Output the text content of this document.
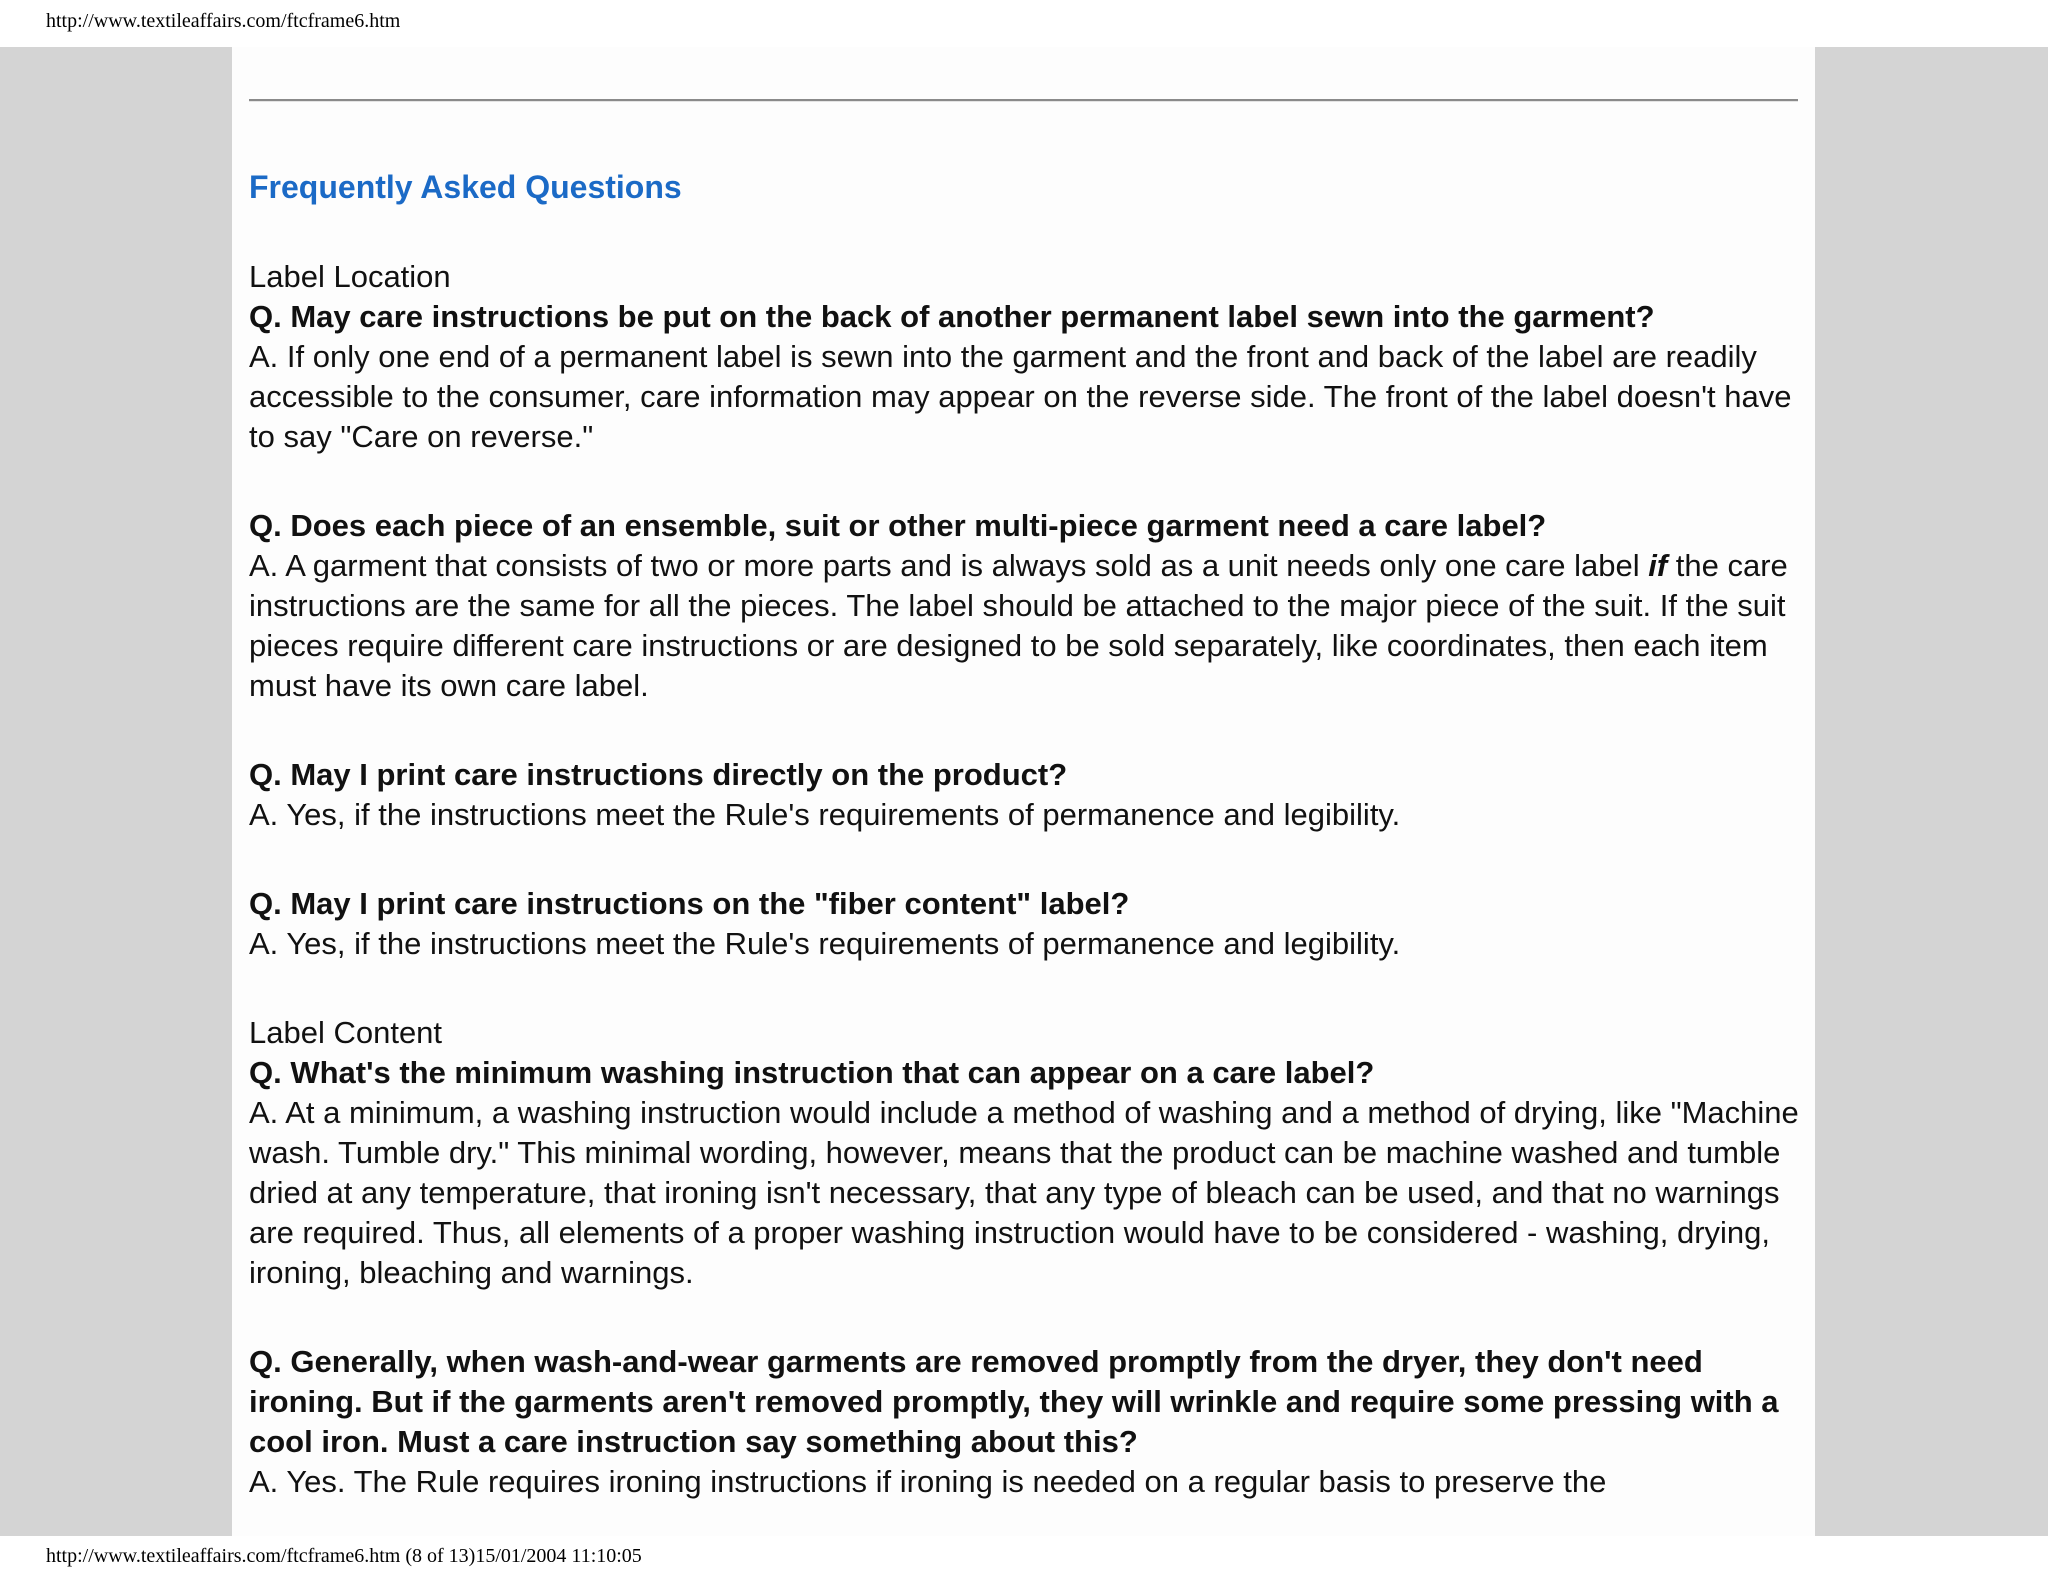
http://www.textileaffairs.com/ftcframe6.htm
Frequently Asked Questions

Label Location

Q. May care instructions be put on the back of another permanent label sewn into the garment?

A. If only one end of a permanent label is sewn into the garment and the front and back of the label are readily accessible to the consumer, care information may appear on the reverse side. The front of the label doesn't have to say "Care on reverse."

Q. Does each piece of an ensemble, suit or other multi-piece garment need a care label?

A. A garment that consists of two or more parts and is always sold as a unit needs only one care label if the care instructions are the same for all the pieces. The label should be attached to the major piece of the suit. If the suit pieces require different care instructions or are designed to be sold separately, like coordinates, then each item must have its own care label.

Q. May I print care instructions directly on the product?

A. Yes, if the instructions meet the Rule's requirements of permanence and legibility.

Q. May I print care instructions on the "fiber content" label?

A. Yes, if the instructions meet the Rule's requirements of permanence and legibility.

Label Content

Q. What's the minimum washing instruction that can appear on a care label?

A. At a minimum, a washing instruction would include a method of washing and a method of drying, like "Machine wash. Tumble dry." This minimal wording, however, means that the product can be machine washed and tumble dried at any temperature, that ironing isn't necessary, that any type of bleach can be used, and that no warnings are required. Thus, all elements of a proper washing instruction would have to be considered - washing, drying, ironing, bleaching and warnings.

Q. Generally, when wash-and-wear garments are removed promptly from the dryer, they don't need ironing. But if the garments aren't removed promptly, they will wrinkle and require some pressing with a cool iron. Must a care instruction say something about this?

A. Yes. The Rule requires ironing instructions if ironing is needed on a regular basis to preserve the

http://www.textileaffairs.com/ftcframe6.htm (8 of 13)15/01/2004 11:10:05
